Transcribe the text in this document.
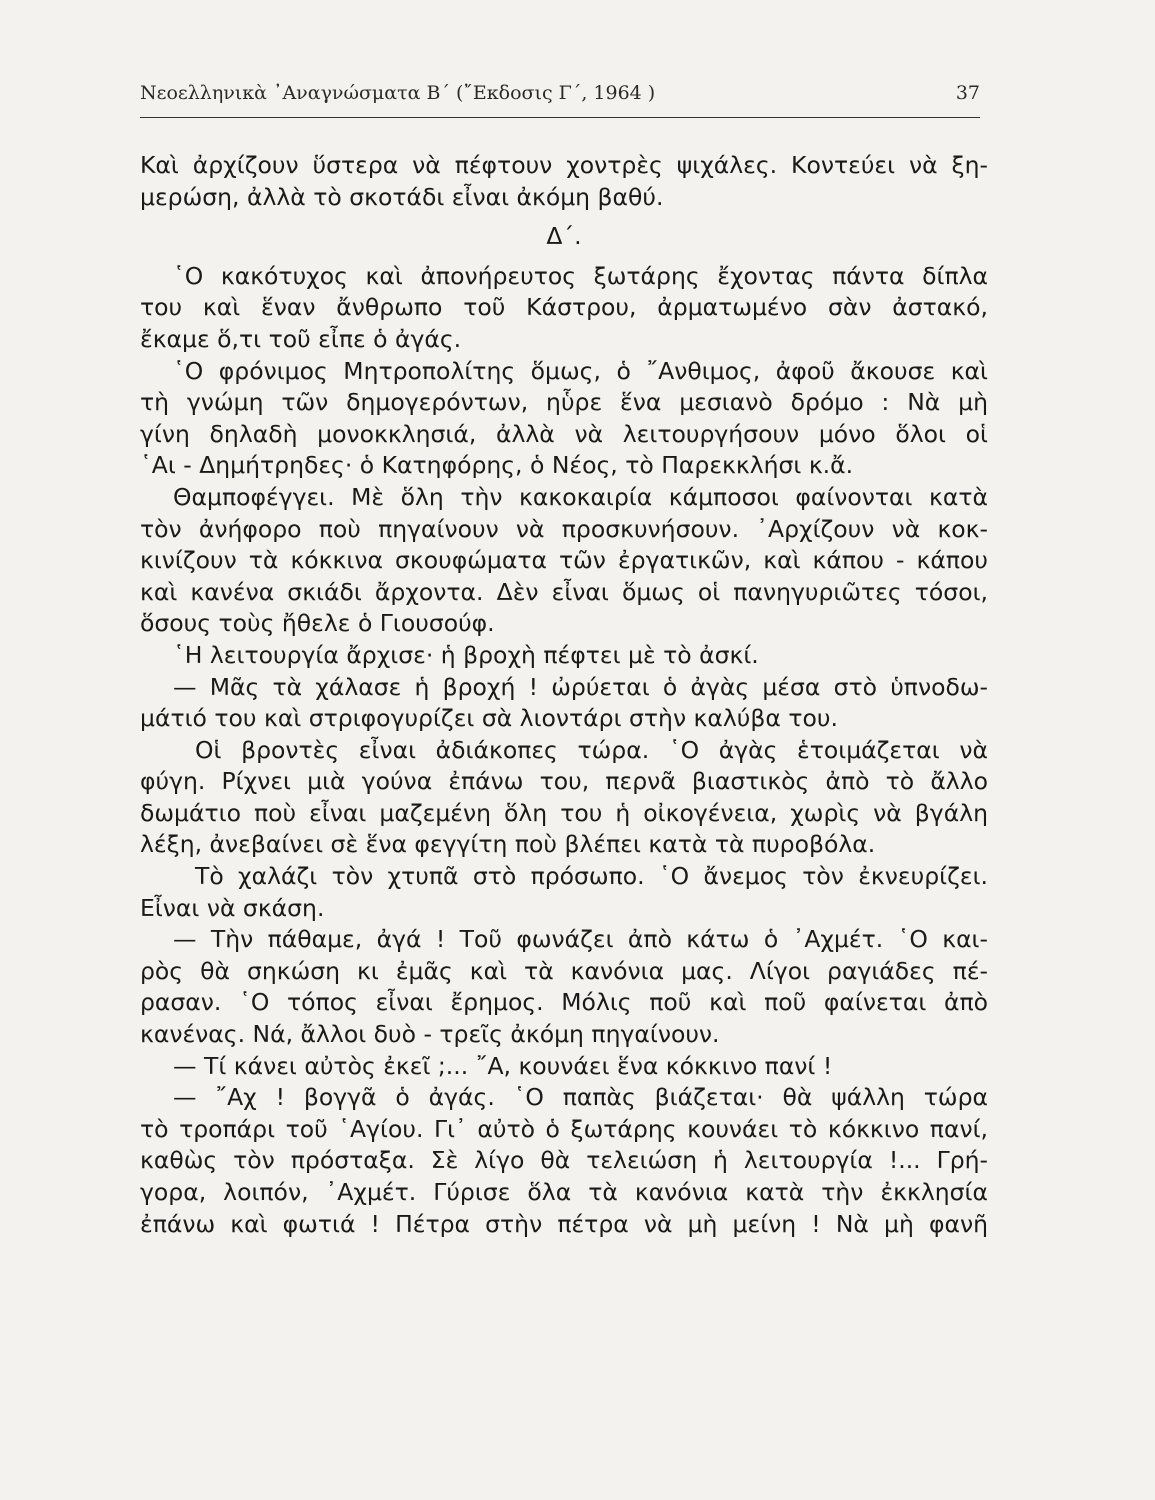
Νεοελληνικὰ ᾿Αναγνώσματα Β΄ (῎Εκδοσις Γ΄, 1964 )	37
Καὶ ἀρχίζουν ὕστερα νὰ πέφτουν χοντρὲς ψιχάλες. Κοντεύει νὰ ξη-
μερώση, ἀλλὰ τὸ σκοτάδι εἶναι ἀκόμη βαθύ.
Δ΄.
῾Ο κακότυχος καὶ ἀπονήρευτος ξωτάρης ἔχοντας πάντα δίπλα
του καὶ ἕναν ἄνθρωπο τοῦ Κάστρου, ἀρματωμένο σὰν ἀστακό,
ἔκαμε ὅ,τι τοῦ εἶπε ὁ ἀγάς.
῾Ο φρόνιμος Μητροπολίτης ὅμως, ὁ ῎Ανθιμος, ἀφοῦ ἄκουσε καὶ
τὴ γνώμη τῶν δημογερόντων, ηὗρε ἕνα μεσιανὸ δρόμο : Νὰ μὴ
γίνη δηλαδὴ μονοκκλησιά, ἀλλὰ νὰ λειτουργήσουν μόνο ὅλοι οἱ
῾Αι - Δημήτρηδες· ὁ Κατηφόρης, ὁ Νέος, τὸ Παρεκκλήσι κ.ἄ.
Θαμποφέγγει. Μὲ ὅλη τὴν κακοκαιρία κάμποσοι φαίνονται κατὰ
τὸν ἀνήφορο ποὺ πηγαίνουν νὰ προσκυνήσουν. ᾿Αρχίζουν νὰ κοκ-
κινίζουν τὰ κόκκινα σκουφώματα τῶν ἐργατικῶν, καὶ κάπου - κάπου
καὶ κανένα σκιάδι ἄρχοντα. Δὲν εἶναι ὅμως οἱ πανηγυριῶτες τόσοι,
ὅσους τοὺς ἤθελε ὁ Γιουσούφ.
῾Η λειτουργία ἄρχισε· ἡ βροχὴ πέφτει μὲ τὸ ἀσκί.
— Μᾶς τὰ χάλασε ἡ βροχή ! ὠρύεται ὁ ἀγὰς μέσα στὸ ὑπνοδω-
μάτιό του καὶ στριφογυρίζει σὰ λιοντάρι στὴν καλύβα του.
Οἱ βροντὲς εἶναι ἀδιάκοπες τώρα. ῾Ο ἀγὰς ἑτοιμάζεται νὰ
φύγη. Ρίχνει μιὰ γούνα ἐπάνω του, περνᾶ βιαστικὸς ἀπὸ τὸ ἄλλο
δωμάτιο ποὺ εἶναι μαζεμένη ὅλη του ἡ οἰκογένεια, χωρὶς νὰ βγάλη
λέξη, ἀνεβαίνει σὲ ἕνα φεγγίτη ποὺ βλέπει κατὰ τὰ πυροβόλα.
Τὸ χαλάζι τὸν χτυπᾶ στὸ πρόσωπο. ῾Ο ἄνεμος τὸν ἐκνευρίζει.
Εἶναι νὰ σκάση.
— Τὴν πάθαμε, ἀγά ! Τοῦ φωνάζει ἀπὸ κάτω ὁ ᾿Αχμέτ. ῾Ο και-
ρὸς θὰ σηκώση κι ἐμᾶς καὶ τὰ κανόνια μας. Λίγοι ραγιάδες πέ-
ρασαν. ῾Ο τόπος εἶναι ἔρημος. Μόλις ποῦ καὶ ποῦ φαίνεται ἀπὸ
κανένας. Νά, ἄλλοι δυὸ - τρεῖς ἀκόμη πηγαίνουν.
— Τί κάνει αὐτὸς ἐκεῖ ;... ῎Α, κουνάει ἕνα κόκκινο πανί !
— ῎Αχ ! βογγᾶ ὁ ἀγάς. ῾Ο παπὰς βιάζεται· θὰ ψάλλη τώρα
τὸ τροπάρι τοῦ ῾Αγίου. Γι᾿ αὐτὸ ὁ ξωτάρης κουνάει τὸ κόκκινο πανί,
καθὼς τὸν πρόσταξα. Σὲ λίγο θὰ τελειώση ἡ λειτουργία !... Γρή-
γορα, λοιπόν, ᾿Αχμέτ. Γύρισε ὅλα τὰ κανόνια κατὰ τὴν ἐκκλησία
ἐπάνω καὶ φωτιά ! Πέτρα στὴν πέτρα νὰ μὴ μείνη ! Νὰ μὴ φανῆ
